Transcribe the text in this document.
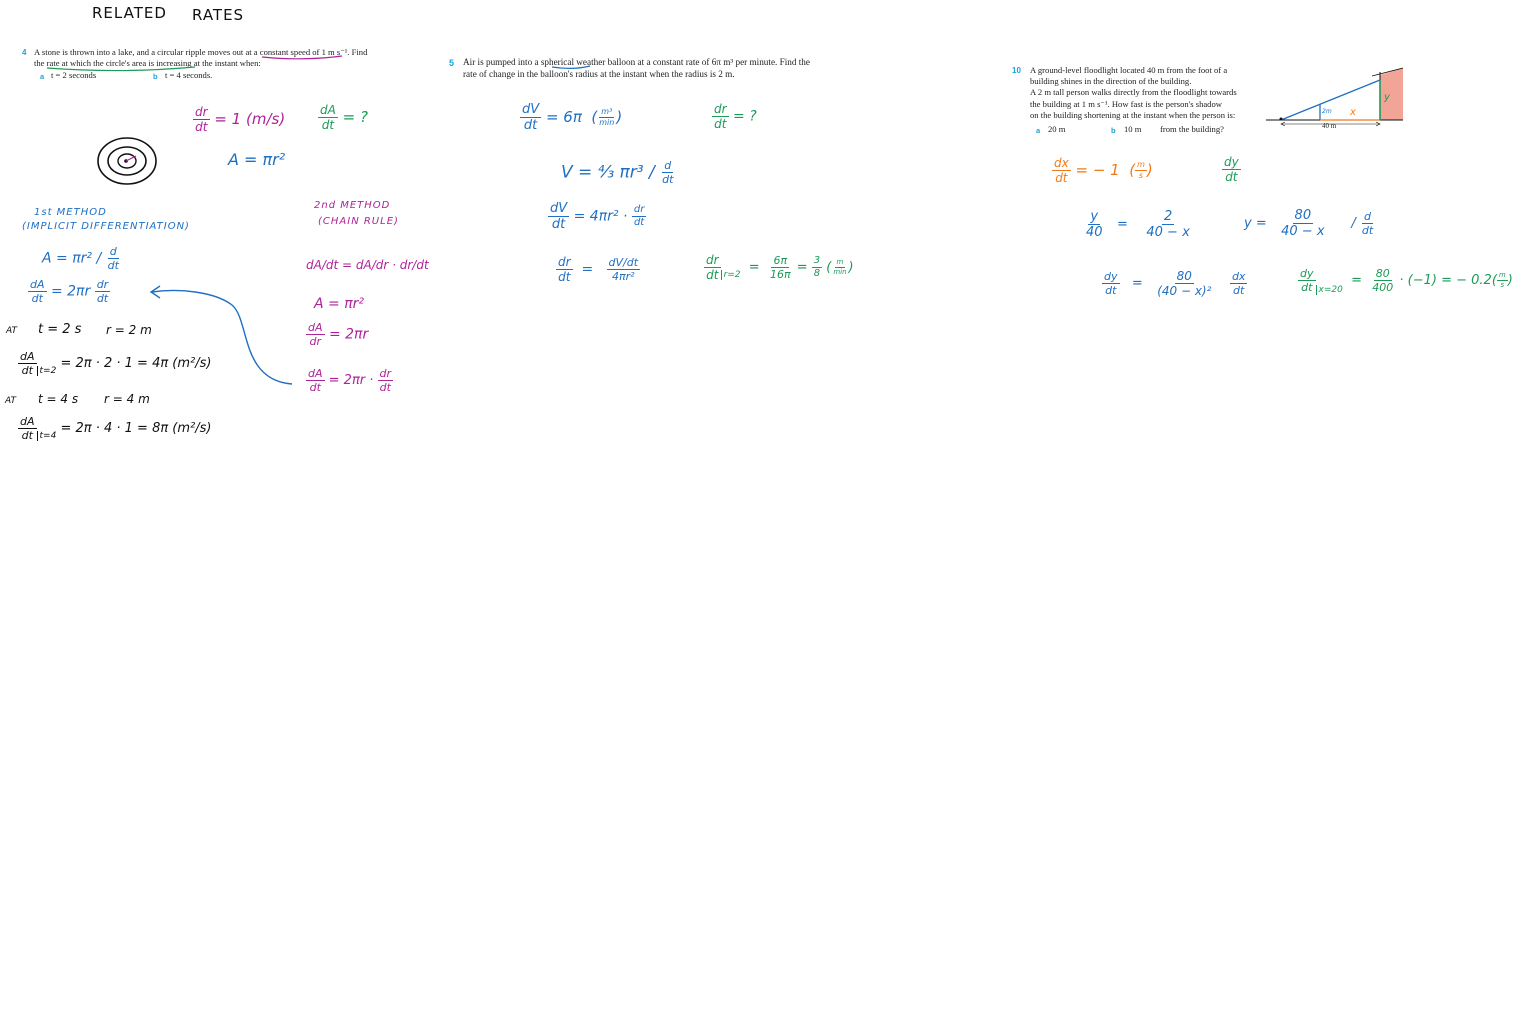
RELATED RATES
4 A stone is thrown into a lake, and a circular ripple moves out at a constant speed of 1 m s⁻¹. Find
the rate at which the circle's area is increasing at the instant when:
a t = 2 seconds	b t = 4 seconds.
$\frac{dr}{dt} = 1$ (m/s)	$\frac{dA}{dt}$ = ?
A = πr²
1st METHOD
(IMPLICIT DIFFERENTIATION)
$A = \pi r^2 / \frac{d}{dt}$
$\frac{dA}{dt} = 2\pi r \frac{dr}{dt}$
AT t = 2 s r = 2 m
$\frac{dA}{dt} _{t=2} = 2\pi \cdot 2 \cdot 1 = 4\pi$ (m²/s)
AT t = 4 s r = 4 m
$\frac{dA}{dt} _{t=4} = 2\pi \cdot 4 \cdot 1 = 8\pi$ (m²/s)
2nd METHOD
(CHAIN RULE)
dA/dt = dA/dr · dr/dt
A = πr²
$\frac{dA}{dr} = 2\pi r$
$\frac{dA}{dt} = 2\pi r \cdot \frac{dr}{dt}$
5 Air is pumped into a spherical weather balloon at a constant rate of 6π m³ per minute. Find the
rate of change in the balloon's radius at the instant when the radius is 2 m.
$\frac{dV}{dt} = 6\pi$  ( $\frac{\text{m³}}{\min}$ )	$\frac{dr}{dt}$ = ?
V = ⁴⁄₃ $\pi r^3 / \frac{d}{dt}$
$\frac{dV}{dt} = 4\pi r^2 \cdot \frac{dr}{dt}$
$\frac{dr}{dt} = \frac{dV/dt}{\text{4πr²}}$	$\frac{dr}{dt} _{r=2} = \frac{6\pi}{16\pi} = \frac{3}{8}$ ( $\frac{m}{\min}$ )
10 A ground-level floodlight located 40 m from the foot of a
building shines in the direction of the building.
A 2 m tall person walks directly from the floodlight towards
the building at 1 m s⁻¹. How fast is the person's shadow
on the building shortening at the instant when the person is:
a 20 m	b 10 m from the building?	40 m
2m x
y
$\frac{dx}{dt}$ = − 1  ( $\frac{m}{s}$ )	$\frac{dy}{dt}$
$\frac{y}{40} = \frac{2}{40 - x}$	$y = \frac{80}{40 - x} / \frac{d}{dt}$
$\frac{dy}{dt} = \frac{80}{\text{(40 − x)²}}$
$\frac{dx}{dt}$	$\frac{dy}{dt} _{x=20} = \frac{80}{400} \cdot (-1)$ = − $0.2( \frac{m}{s}$ )
